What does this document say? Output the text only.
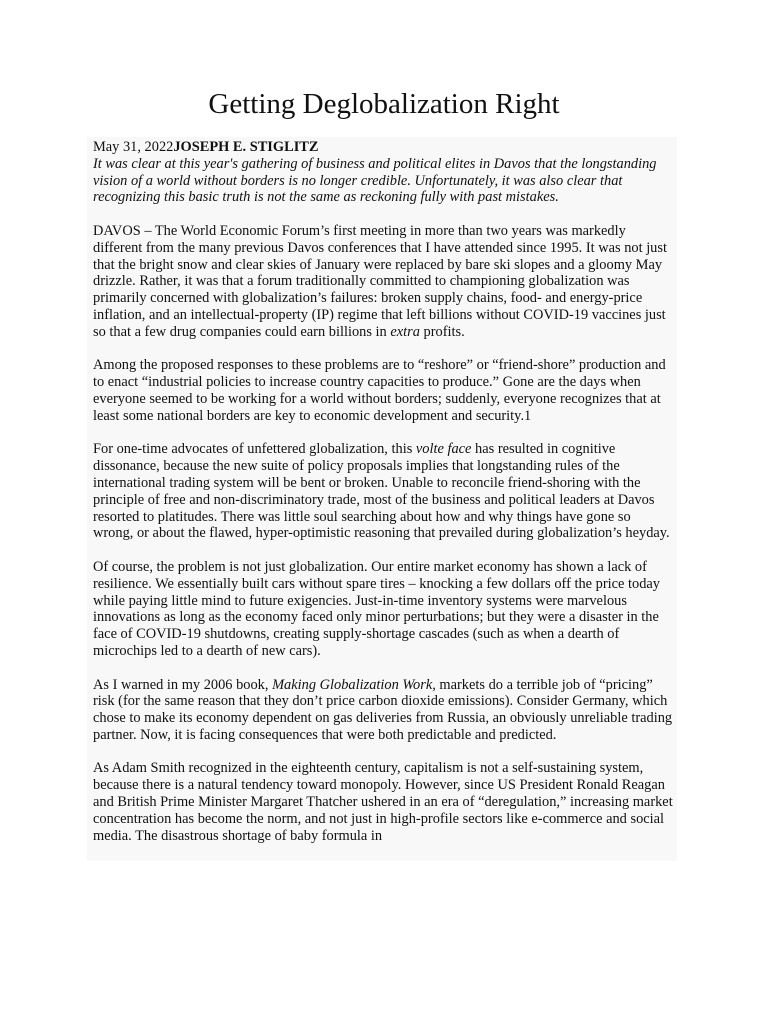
Getting Deglobalization Right
May 31, 2022JOSEPH E. STIGLITZ

It was clear at this year's gathering of business and political elites in Davos that the longstanding vision of a world without borders is no longer credible. Unfortunately, it was also clear that recognizing this basic truth is not the same as reckoning fully with past mistakes.

DAVOS – The World Economic Forum’s first meeting in more than two years was markedly different from the many previous Davos conferences that I have attended since 1995. It was not just that the bright snow and clear skies of January were replaced by bare ski slopes and a gloomy May drizzle. Rather, it was that a forum traditionally committed to championing globalization was primarily concerned with globalization’s failures: broken supply chains, food- and energy-price inflation, and an intellectual-property (IP) regime that left billions without COVID-19 vaccines just so that a few drug companies could earn billions in extra profits.

Among the proposed responses to these problems are to “reshore” or “friend-shore” production and to enact “industrial policies to increase country capacities to produce.” Gone are the days when everyone seemed to be working for a world without borders; suddenly, everyone recognizes that at least some national borders are key to economic development and security.1

For one-time advocates of unfettered globalization, this volte face has resulted in cognitive dissonance, because the new suite of policy proposals implies that longstanding rules of the international trading system will be bent or broken. Unable to reconcile friend-shoring with the principle of free and non-discriminatory trade, most of the business and political leaders at Davos resorted to platitudes. There was little soul searching about how and why things have gone so wrong, or about the flawed, hyper-optimistic reasoning that prevailed during globalization’s heyday.

Of course, the problem is not just globalization. Our entire market economy has shown a lack of resilience. We essentially built cars without spare tires – knocking a few dollars off the price today while paying little mind to future exigencies. Just-in-time inventory systems were marvelous innovations as long as the economy faced only minor perturbations; but they were a disaster in the face of COVID-19 shutdowns, creating supply-shortage cascades (such as when a dearth of microchips led to a dearth of new cars).

As I warned in my 2006 book, Making Globalization Work, markets do a terrible job of “pricing” risk (for the same reason that they don’t price carbon dioxide emissions). Consider Germany, which chose to make its economy dependent on gas deliveries from Russia, an obviously unreliable trading partner. Now, it is facing consequences that were both predictable and predicted.

As Adam Smith recognized in the eighteenth century, capitalism is not a self-sustaining system, because there is a natural tendency toward monopoly. However, since US President Ronald Reagan and British Prime Minister Margaret Thatcher ushered in an era of “deregulation,” increasing market concentration has become the norm, and not just in high-profile sectors like e-commerce and social media. The disastrous shortage of baby formula in
